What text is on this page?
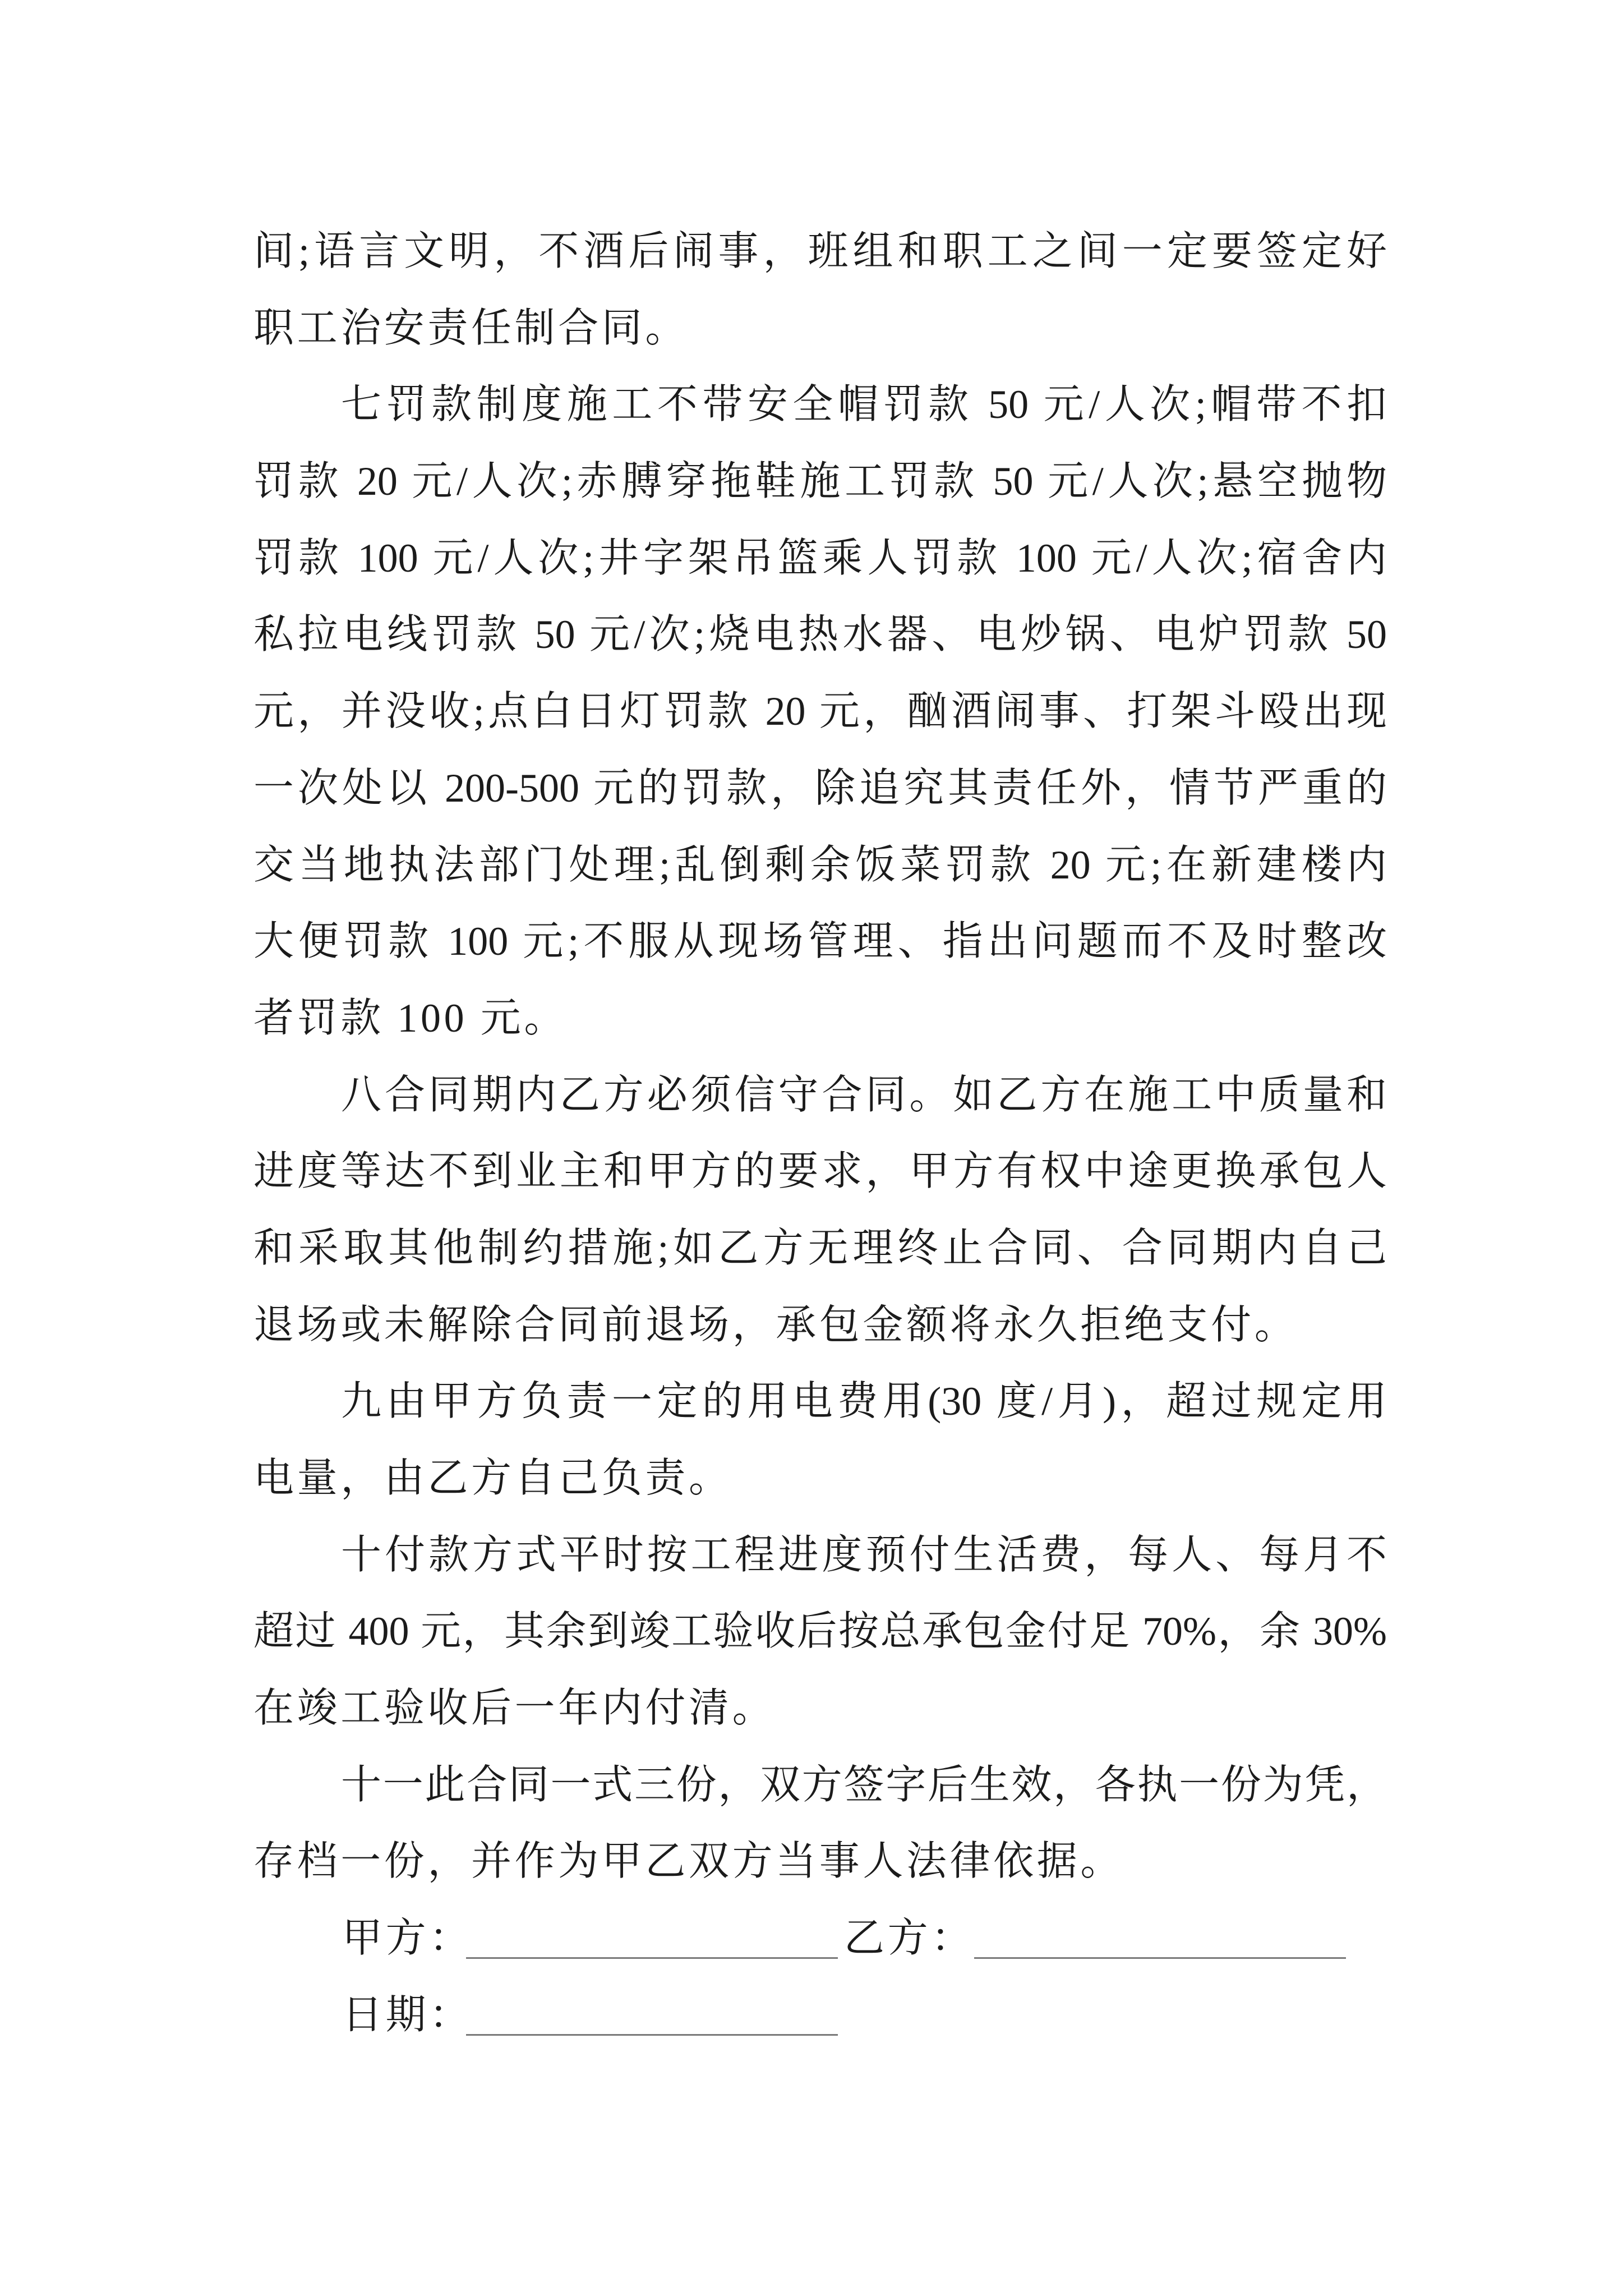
间;语言文明，不酒后闹事，班组和职工之间一定要签定好
职工治安责任制合同。
七罚款制度施工不带安全帽罚款 50 元/人次;帽带不扣
罚款 20 元/人次;赤膊穿拖鞋施工罚款 50 元/人次;悬空抛物
罚款 100 元/人次;井字架吊篮乘人罚款 100 元/人次;宿舍内
私拉电线罚款 50 元/次;烧电热水器、电炒锅、电炉罚款 50
元，并没收;点白日灯罚款 20 元，酗酒闹事、打架斗殴出现
一次处以 200-500 元的罚款，除追究其责任外，情节严重的
交当地执法部门处理;乱倒剩余饭菜罚款 20 元;在新建楼内
大便罚款 100 元;不服从现场管理、指出问题而不及时整改
者罚款 100 元。
八合同期内乙方必须信守合同。如乙方在施工中质量和
进度等达不到业主和甲方的要求，甲方有权中途更换承包人
和采取其他制约措施;如乙方无理终止合同、合同期内自己
退场或未解除合同前退场，承包金额将永久拒绝支付。
九由甲方负责一定的用电费用(30 度/月)，超过规定用
电量，由乙方自己负责。
十付款方式平时按工程进度预付生活费，每人、每月不
超过 400 元，其余到竣工验收后按总承包金付足 70%，余 30%
在竣工验收后一年内付清。
十一此合同一式三份，双方签字后生效，各执一份为凭，
存档一份，并作为甲乙双方当事人法律依据。
甲方：	乙方：
日期：
